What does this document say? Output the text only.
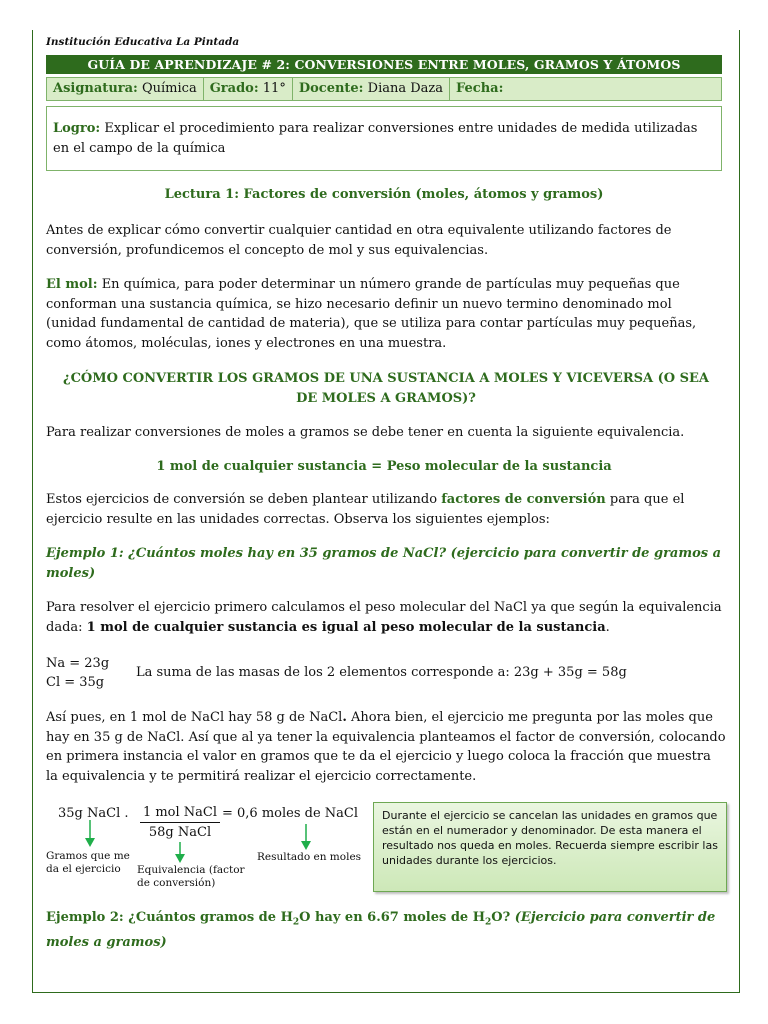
Institución Educativa La Pintada
GUÍA DE APRENDIZAJE # 2: CONVERSIONES ENTRE MOLES, GRAMOS Y ÁTOMOS
Asignatura: Química	Grado: 11°	Docente: Diana Daza	Fecha:
Logro: Explicar el procedimiento para realizar conversiones entre unidades de medida utilizadas en el campo de la química
Lectura 1: Factores de conversión (moles, átomos y gramos)
Antes de explicar cómo convertir cualquier cantidad en otra equivalente utilizando factores de conversión, profundicemos el concepto de mol y sus equivalencias.
El mol: En química, para poder determinar un número grande de partículas muy pequeñas que conforman una sustancia química, se hizo necesario definir un nuevo termino denominado mol (unidad fundamental de cantidad de materia), que se utiliza para contar partículas muy pequeñas, como átomos, moléculas, iones y electrones en una muestra.
¿CÓMO CONVERTIR LOS GRAMOS DE UNA SUSTANCIA A MOLES Y VICEVERSA (O SEA DE MOLES A GRAMOS)?
Para realizar conversiones de moles a gramos se debe tener en cuenta la siguiente equivalencia.
1 mol de cualquier sustancia = Peso molecular de la sustancia
Estos ejercicios de conversión se deben plantear utilizando factores de conversión para que el ejercicio resulte en las unidades correctas. Observa los siguientes ejemplos:
Ejemplo 1: ¿Cuántos moles hay en 35 gramos de NaCl? (ejercicio para convertir de gramos a moles)
Para resolver el ejercicio primero calculamos el peso molecular del NaCl ya que según la equivalencia dada: 1 mol de cualquier sustancia es igual al peso molecular de la sustancia.
Na = 23g
Cl = 35g
La suma de las masas de los 2 elementos corresponde a: 23g + 35g = 58g
Así pues, en 1 mol de NaCl hay 58 g de NaCl. Ahora bien, el ejercicio me pregunta por las moles que hay en 35 g de NaCl. Así que al ya tener la equivalencia planteamos el factor de conversión, colocando en primera instancia el valor en gramos que te da el ejercicio y luego coloca la fracción que muestra la equivalencia y te permitirá realizar el ejercicio correctamente.
35g NaCl . 1 mol NaCl
58g NaCl
= 0,6 moles de NaCl
Gramos que me da el ejercicio	Equivalencia (factor de conversión)
Resultado en moles
Durante el ejercicio se cancelan las unidades en gramos que están en el numerador y denominador. De esta manera el resultado nos queda en moles. Recuerda siempre escribir las unidades durante los ejercicios.
Ejemplo 2: ¿Cuántos gramos de $H_2O$ hay en 6.67 moles de $H_2O$? (Ejercicio para convertir de moles a gramos)
